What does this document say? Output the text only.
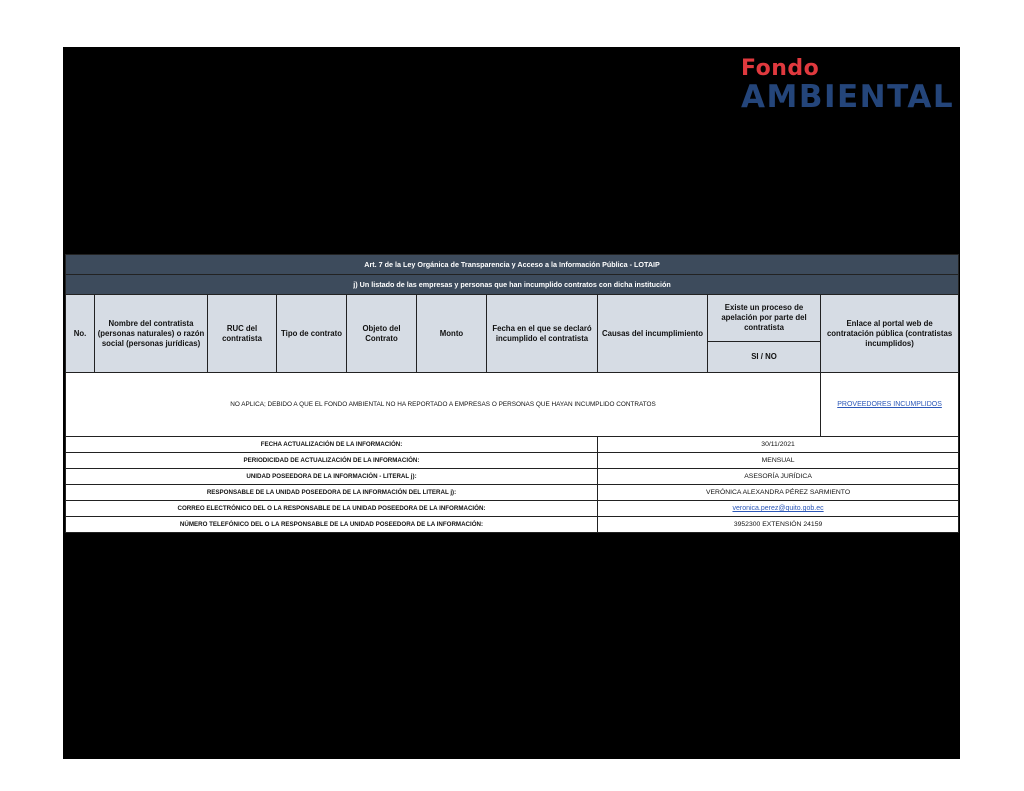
Fondo
AMBIENTAL
Art. 7 de la Ley Orgánica de Transparencia y Acceso a la Información Pública - LOTAIP									
j) Un listado de las empresas y personas que han incumplido contratos con dicha institución									
No.	Nombre del contratista (personas naturales) o razón social (personas jurídicas)	RUC del contratista	Tipo de contrato	Objeto del Contrato	Monto	Fecha en el que se declaró incumplido el contratista	Causas del incumplimiento	Existe un proceso de apelación por parte del contratista	Enlace al portal web de contratación pública (contratistas incumplidos)
								SI / NO	
NO APLICA; DEBIDO A QUE EL FONDO AMBIENTAL NO HA REPORTADO A EMPRESAS O PERSONAS QUE HAYAN INCUMPLIDO CONTRATOS									PROVEEDORES INCUMPLIDOS
FECHA ACTUALIZACIÓN DE LA INFORMACIÓN:							30/11/2021		
PERIODICIDAD DE ACTUALIZACIÓN DE LA INFORMACIÓN:							MENSUAL		
UNIDAD POSEEDORA DE LA INFORMACIÓN - LITERAL j):							ASESORÍA JURÍDICA		
RESPONSABLE DE LA UNIDAD POSEEDORA DE LA INFORMACIÓN DEL LITERAL j):							VERÓNICA ALEXANDRA PÉREZ SARMIENTO		
CORREO ELECTRÓNICO DEL O LA RESPONSABLE DE LA UNIDAD POSEEDORA DE LA INFORMACIÓN:							veronica.perez@quito.gob.ec		
NÚMERO TELEFÓNICO DEL O LA RESPONSABLE DE LA UNIDAD POSEEDORA DE LA INFORMACIÓN:							3952300 EXTENSIÓN 24159		
